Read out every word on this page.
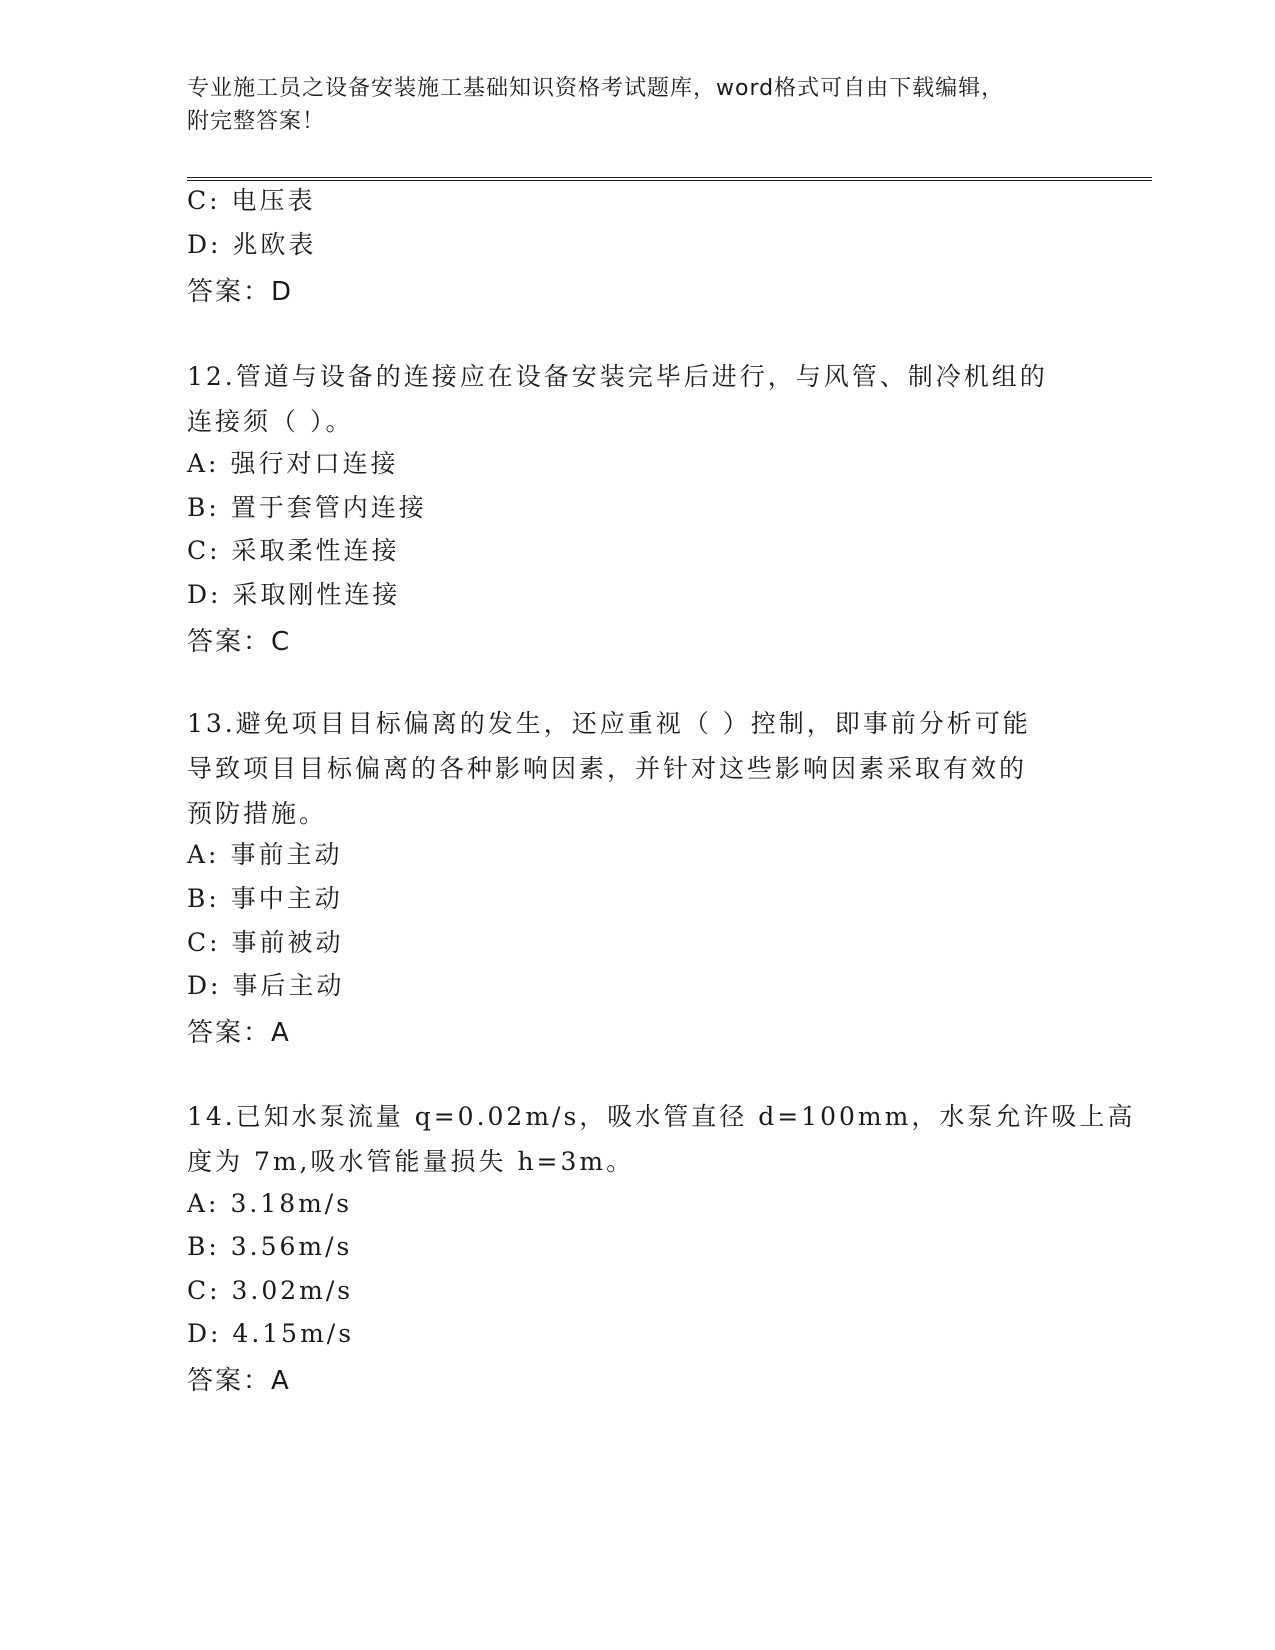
专业施工员之设备安装施工基础知识资格考试题库，word格式可自由下载编辑，
附完整答案！
C: 电压表
D: 兆欧表
答案：D
12.管道与设备的连接应在设备安装完毕后进行，与风管、制冷机组的
连接须（ ）。
A: 强行对口连接
B: 置于套管内连接
C: 采取柔性连接
D: 采取刚性连接
答案：C
13.避免项目目标偏离的发生，还应重视（ ）控制，即事前分析可能
导致项目目标偏离的各种影响因素，并针对这些影响因素采取有效的
预防措施。
A: 事前主动
B: 事中主动
C: 事前被动
D: 事后主动
答案：A
14.已知水泵流量 q=0.02m/s，吸水管直径 d=100mm，水泵允许吸上高
度为 7m,吸水管能量损失 h=3m。
A: 3.18m/s
B: 3.56m/s
C: 3.02m/s
D: 4.15m/s
答案：A
